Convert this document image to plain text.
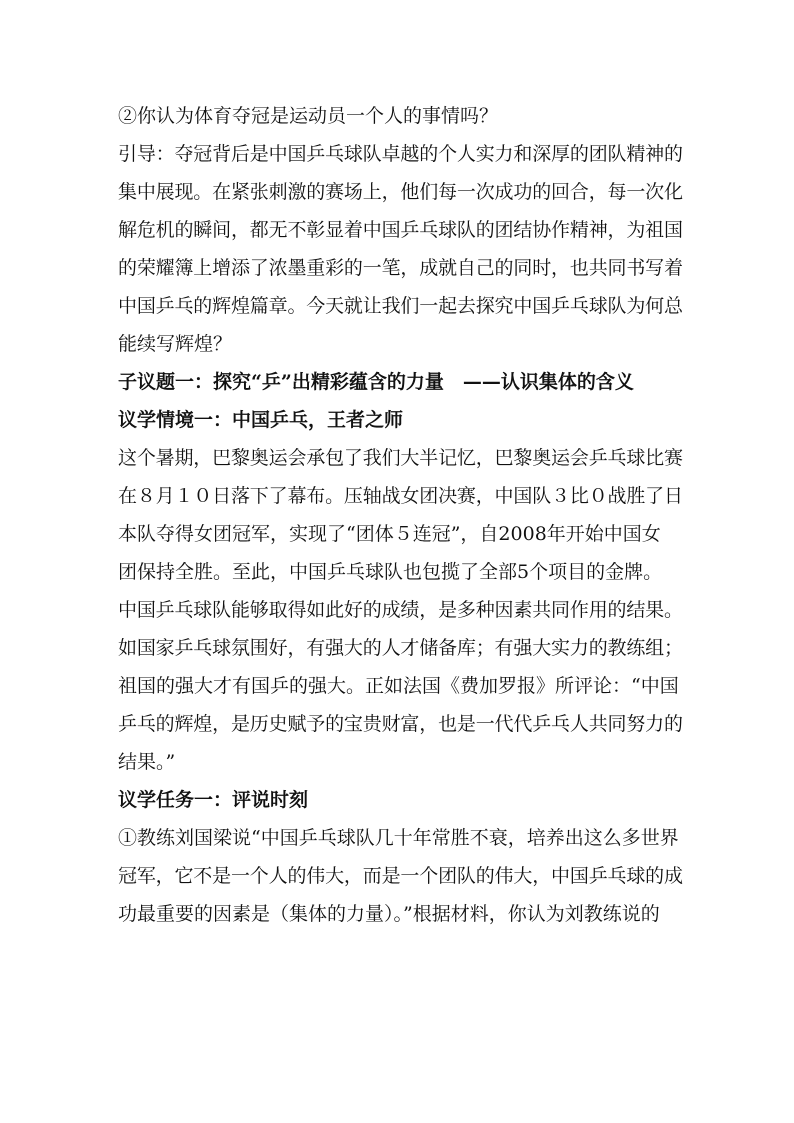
②你认为体育夺冠是运动员一个人的事情吗？
引导：夺冠背后是中国乒乓球队卓越的个人实力和深厚的团队精神的
集中展现。在紧张刺激的赛场上，他们每一次成功的回合，每一次化
解危机的瞬间，都无不彰显着中国乒乓球队的团结协作精神，为祖国
的荣耀簿上增添了浓墨重彩的一笔，成就自己的同时，也共同书写着
中国乒乓的辉煌篇章。今天就让我们一起去探究中国乒乓球队为何总
能续写辉煌？
子议题一：探究“乒”出精彩蕴含的力量　——认识集体的含义
议学情境一：中国乒乓，王者之师
这个暑期，巴黎奥运会承包了我们大半记忆，巴黎奥运会乒乓球比赛
在８月１０日落下了幕布。压轴战女团决赛，中国队３比０战胜了日
本队夺得女团冠军，实现了“团体５连冠”，自2008年开始中国女
团保持全胜。至此，中国乒乓球队也包揽了全部5个项目的金牌。
中国乒乓球队能够取得如此好的成绩，是多种因素共同作用的结果。
如国家乒乓球氛围好，有强大的人才储备库；有强大实力的教练组；
祖国的强大才有国乒的强大。正如法国《费加罗报》所评论：“中国
乒乓的辉煌，是历史赋予的宝贵财富，也是一代代乒乓人共同努力的
结果。”
议学任务一：评说时刻
①教练刘国梁说“中国乒乓球队几十年常胜不衰，培养出这么多世界
冠军，它不是一个人的伟大，而是一个团队的伟大，中国乒乓球的成
功最重要的因素是（集体的力量）。”根据材料，你认为刘教练说的
